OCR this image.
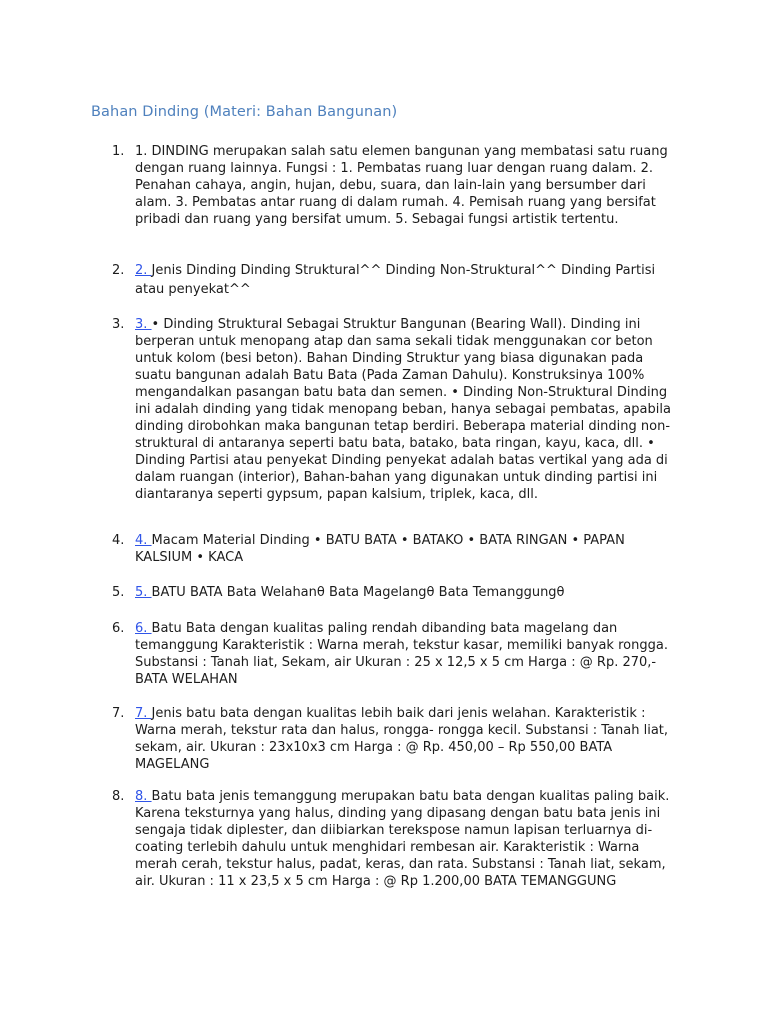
Bahan Dinding (Materi: Bahan Bangunan)
1. 1. DINDING merupakan salah satu elemen bangunan yang membatasi satu ruang dengan ruang lainnya. Fungsi : 1. Pembatas ruang luar dengan ruang dalam. 2. Penahan cahaya, angin, hujan, debu, suara, dan lain-lain yang bersumber dari alam. 3. Pembatas antar ruang di dalam rumah. 4. Pemisah ruang yang bersifat pribadi dan ruang yang bersifat umum. 5. Sebagai fungsi artistik tertentu.
2. 2. Jenis Dinding Dinding Struktural^^ Dinding Non-Struktural^^ Dinding Partisi atau penyekat^^
3. 3. • Dinding Struktural Sebagai Struktur Bangunan (Bearing Wall). Dinding ini berperan untuk menopang atap dan sama sekali tidak menggunakan cor beton untuk kolom (besi beton). Bahan Dinding Struktur yang biasa digunakan pada suatu bangunan adalah Batu Bata (Pada Zaman Dahulu). Konstruksinya 100% mengandalkan pasangan batu bata dan semen. • Dinding Non-Struktural Dinding ini adalah dinding yang tidak menopang beban, hanya sebagai pembatas, apabila dinding dirobohkan maka bangunan tetap berdiri. Beberapa material dinding non-struktural di antaranya seperti batu bata, batako, bata ringan, kayu, kaca, dll. • Dinding Partisi atau penyekat Dinding penyekat adalah batas vertikal yang ada di dalam ruangan (interior), Bahan-bahan yang digunakan untuk dinding partisi ini diantaranya seperti gypsum, papan kalsium, triplek, kaca, dll.
4. 4. Macam Material Dinding • BATU BATA • BATAKO • BATA RINGAN • PAPAN KALSIUM • KACA
5. 5. BATU BATA Bata Welahanθ Bata Magelangθ Bata Temanggungθ
6. 6. Batu Bata dengan kualitas paling rendah dibanding bata magelang dan temanggung Karakteristik : Warna merah, tekstur kasar, memiliki banyak rongga. Substansi : Tanah liat, Sekam, air Ukuran : 25 x 12,5 x 5 cm Harga : @ Rp. 270,- BATA WELAHAN
7. 7. Jenis batu bata dengan kualitas lebih baik dari jenis welahan. Karakteristik : Warna merah, tekstur rata dan halus, rongga- rongga kecil. Substansi : Tanah liat, sekam, air. Ukuran : 23x10x3 cm Harga : @ Rp. 450,00 – Rp 550,00 BATA MAGELANG
8. 8. Batu bata jenis temanggung merupakan batu bata dengan kualitas paling baik. Karena teksturnya yang halus, dinding yang dipasang dengan batu bata jenis ini sengaja tidak diplester, dan diibiarkan terekspose namun lapisan terluarnya di-coating terlebih dahulu untuk menghidari rembesan air. Karakteristik : Warna merah cerah, tekstur halus, padat, keras, dan rata. Substansi : Tanah liat, sekam, air. Ukuran : 11 x 23,5 x 5 cm Harga : @ Rp 1.200,00 BATA TEMANGGUNG
